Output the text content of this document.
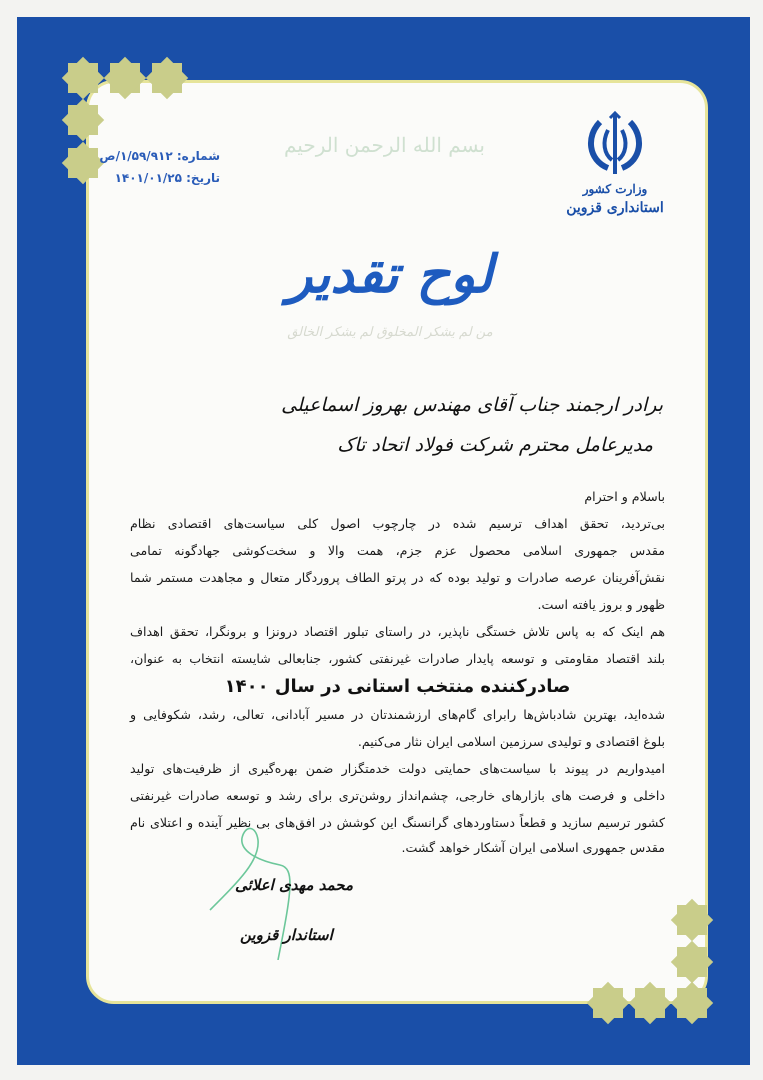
شماره: ۱/۵۹/۹۱۲/ص
تاریخ: ۱۴۰۱/۰۱/۲۵
وزارت کشور
استانداری قزوین
بسم الله الرحمن الرحیم
لوح تقدیر
من لم یشکر المخلوق لم یشکر الخالق
برادر ارجمند جناب آقای مهندس بهروز اسماعیلی
مدیرعامل محترم شرکت فولاد اتحاد تاک
باسلام و احترام
بی‌تردید، تحقق اهداف ترسیم شده در چارچوب اصول کلی سیاست‌های اقتصادی نظام
مقدس جمهوری اسلامی محصول عزم جزم، همت والا و سخت‌کوشی جهادگونه تمامی
نقش‌آفرینان عرصه صادرات و تولید بوده که در پرتو الطاف پروردگار متعال و مجاهدت مستمر شما
ظهور و بروز یافته است.
هم اینک که به پاس تلاش خستگی ناپذیر، در راستای تبلور اقتصاد درونزا و برونگرا، تحقق اهداف
بلند اقتصاد مقاومتی و توسعه پایدار صادرات غیرنفتی کشور، جنابعالی شایسته انتخاب به عنوان،
صادرکننده منتخب استانی در سال ۱۴۰۰
شده‌اید، بهترین شادباش‌ها رابرای گام‌های ارزشمندتان در مسیر آبادانی، تعالی، رشد، شکوفایی و
بلوغ اقتصادی و تولیدی سرزمین اسلامی ایران نثار می‌کنیم.
امیدواریم در پیوند با سیاست‌های حمایتی دولت خدمتگزار ضمن بهره‌گیری از ظرفیت‌های تولید
داخلی و فرصت های بازارهای خارجی، چشم‌انداز روشن‌تری برای رشد و توسعه صادرات غیرنفتی
کشور ترسیم سازید و قطعاً دستاوردهای گرانسنگ این کوشش در افق‌های بی نظیر آینده و اعتلای نام
مقدس جمهوری اسلامی ایران آشکار خواهد گشت.
محمد مهدی اعلائی
استاندار قزوین
